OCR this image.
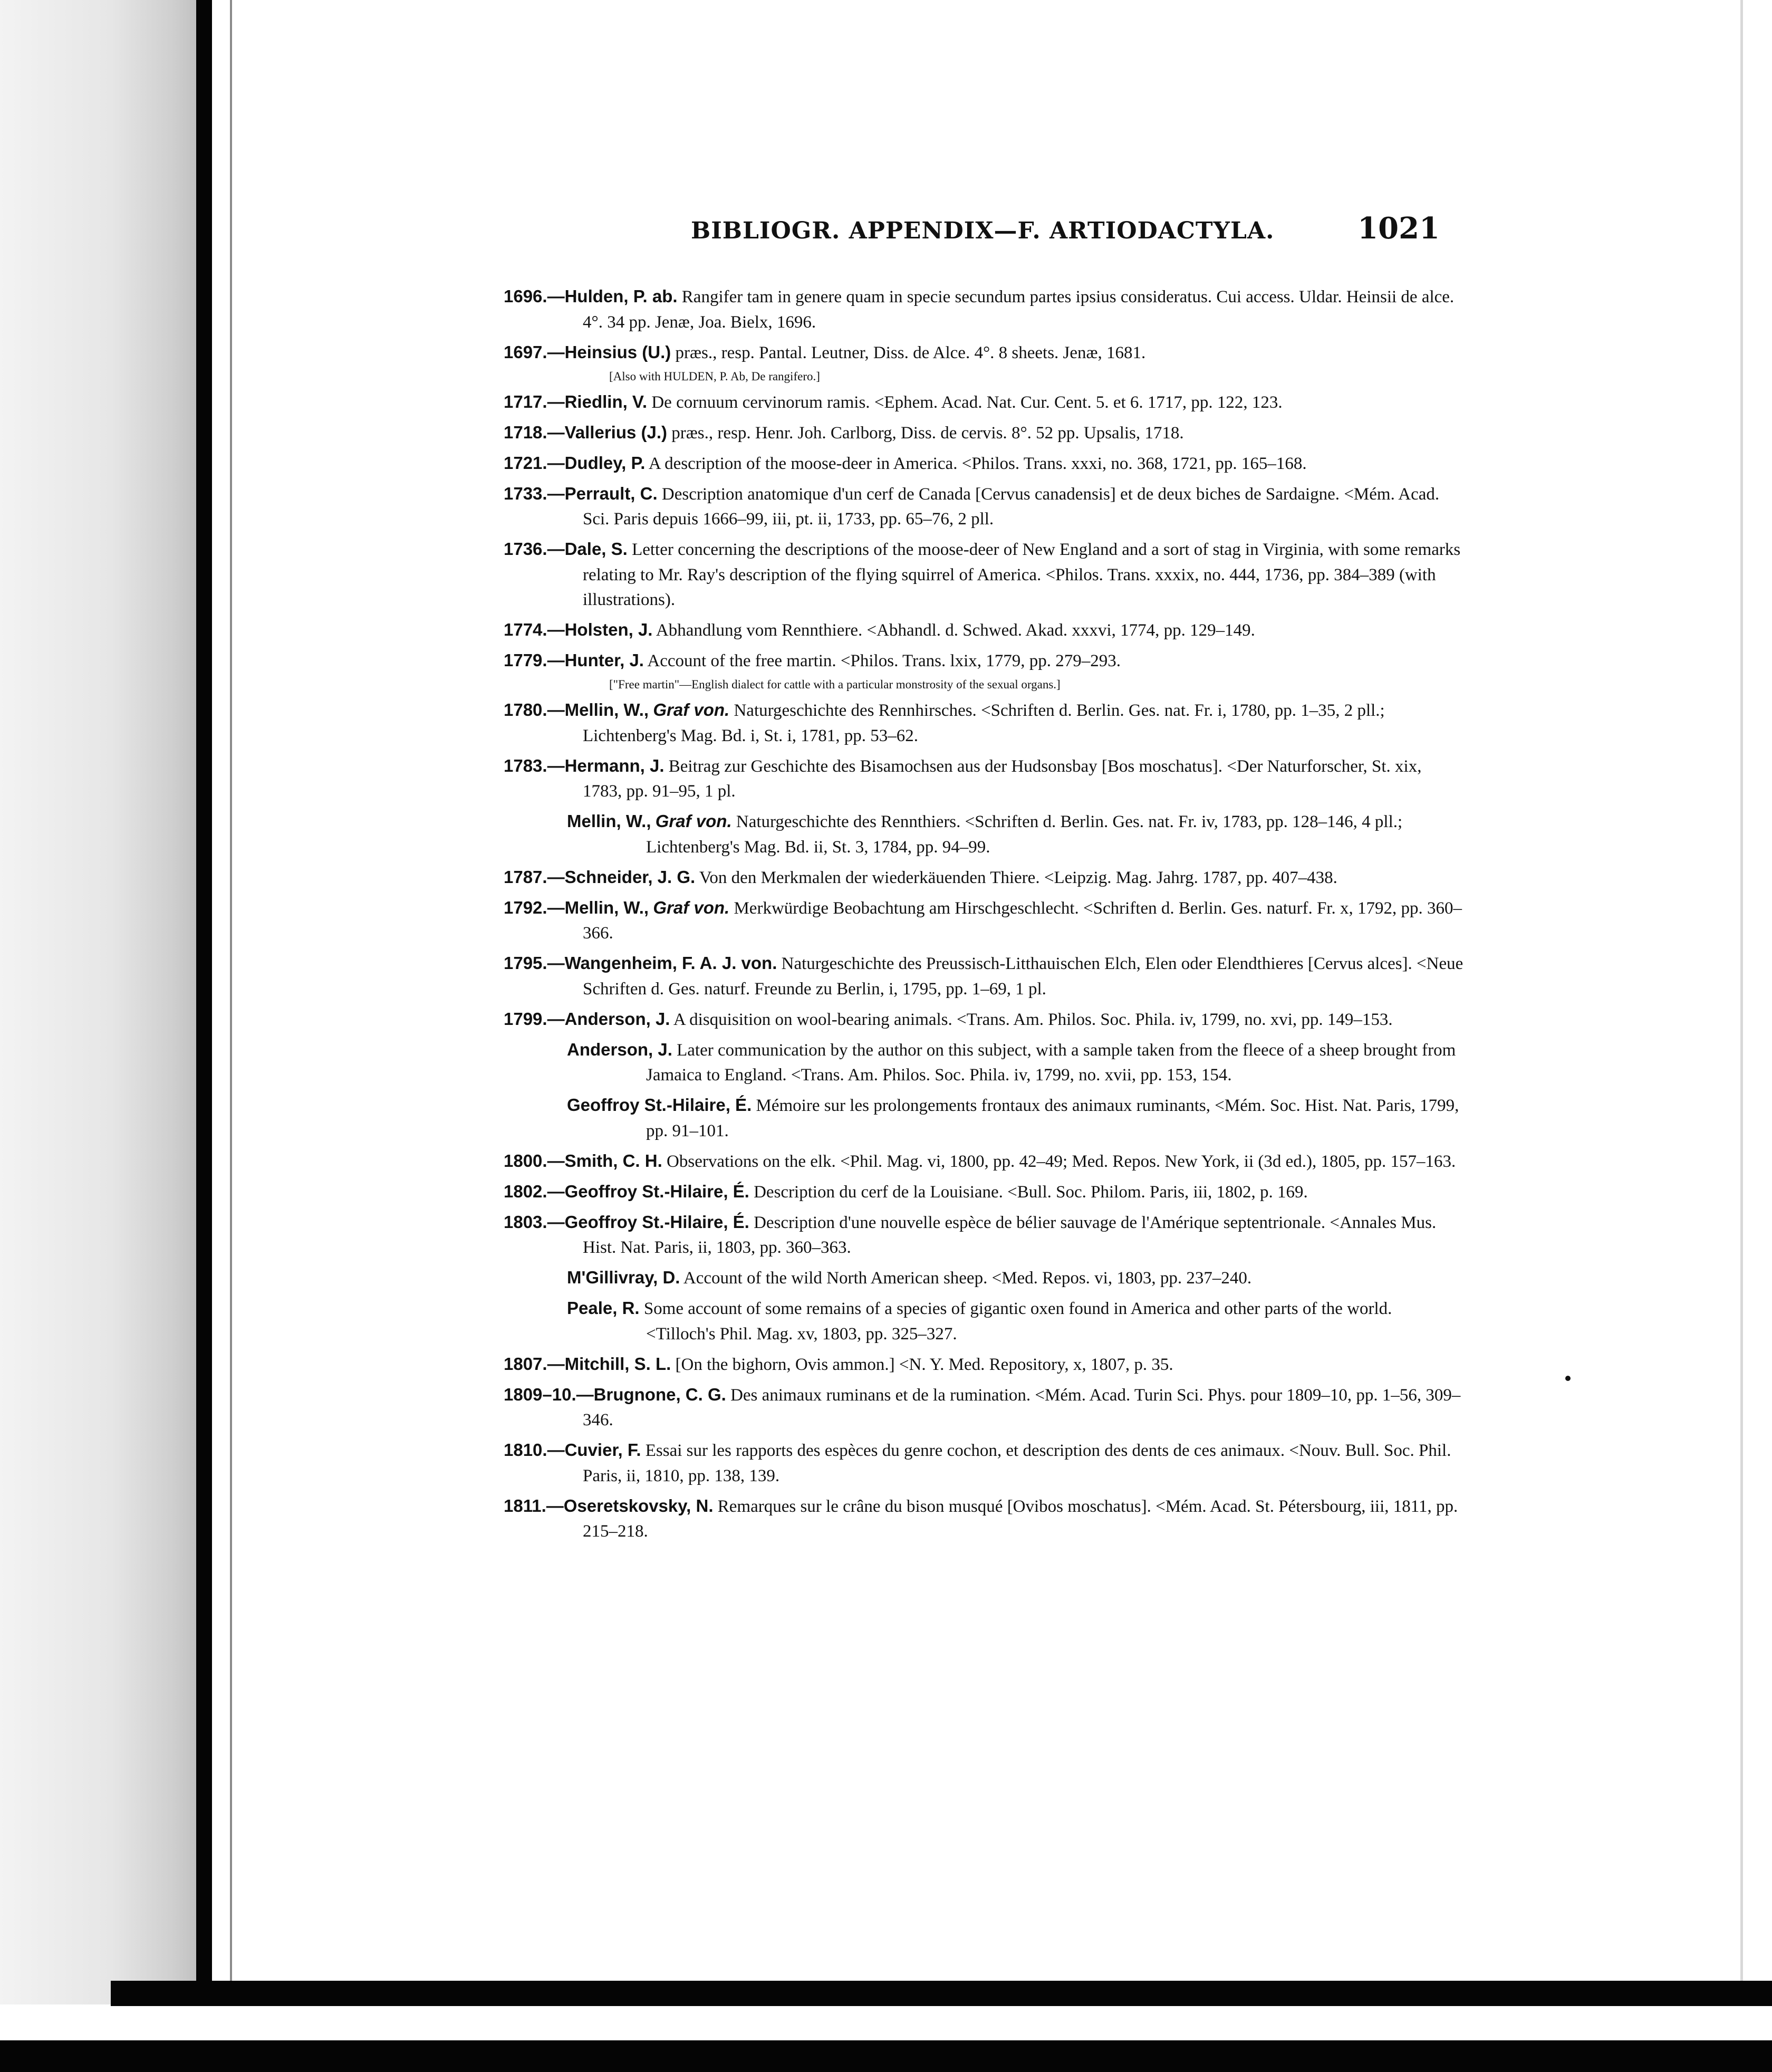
BIBLIOGR. APPENDIX—F. ARTIODACTYLA.	1021
1696.—Hulden, P. ab. Rangifer tam in genere quam in specie secundum partes ipsius consideratus. Cui access. Uldar. Heinsii de alce. 4°. 34 pp. Jenæ, Joa. Bielx, 1696.
1697.—Heinsius (U.) præs., resp. Pantal. Leutner, Diss. de Alce. 4°. 8 sheets. Jenæ, 1681.
[Also with HULDEN, P. Ab, De rangifero.]
1717.—Riedlin, V. De cornuum cervinorum ramis. <Ephem. Acad. Nat. Cur. Cent. 5. et 6. 1717, pp. 122, 123.
1718.—Vallerius (J.) præs., resp. Henr. Joh. Carlborg, Diss. de cervis. 8°. 52 pp. Upsalis, 1718.
1721.—Dudley, P. A description of the moose-deer in America. <Philos. Trans. xxxi, no. 368, 1721, pp. 165–168.
1733.—Perrault, C. Description anatomique d'un cerf de Canada [Cervus canadensis] et de deux biches de Sardaigne. <Mém. Acad. Sci. Paris depuis 1666–99, iii, pt. ii, 1733, pp. 65–76, 2 pll.
1736.—Dale, S. Letter concerning the descriptions of the moose-deer of New England and a sort of stag in Virginia, with some remarks relating to Mr. Ray's description of the flying squirrel of America. <Philos. Trans. xxxix, no. 444, 1736, pp. 384–389 (with illustrations).
1774.—Holsten, J. Abhandlung vom Rennthiere. <Abhandl. d. Schwed. Akad. xxxvi, 1774, pp. 129–149.
1779.—Hunter, J. Account of the free martin. <Philos. Trans. lxix, 1779, pp. 279–293.
["Free martin"—English dialect for cattle with a particular monstrosity of the sexual organs.]
1780.—Mellin, W., Graf von. Naturgeschichte des Rennhirsches. <Schriften d. Berlin. Ges. nat. Fr. i, 1780, pp. 1–35, 2 pll.; Lichtenberg's Mag. Bd. i, St. i, 1781, pp. 53–62.
1783.—Hermann, J. Beitrag zur Geschichte des Bisamochsen aus der Hudsonsbay [Bos moschatus]. <Der Naturforscher, St. xix, 1783, pp. 91–95, 1 pl.
Mellin, W., Graf von. Naturgeschichte des Rennthiers. <Schriften d. Berlin. Ges. nat. Fr. iv, 1783, pp. 128–146, 4 pll.; Lichtenberg's Mag. Bd. ii, St. 3, 1784, pp. 94–99.
1787.—Schneider, J. G. Von den Merkmalen der wiederkäuenden Thiere. <Leipzig. Mag. Jahrg. 1787, pp. 407–438.
1792.—Mellin, W., Graf von. Merkwürdige Beobachtung am Hirschgeschlecht. <Schriften d. Berlin. Ges. naturf. Fr. x, 1792, pp. 360–366.
1795.—Wangenheim, F. A. J. von. Naturgeschichte des Preussisch-Litthauischen Elch, Elen oder Elendthieres [Cervus alces]. <Neue Schriften d. Ges. naturf. Freunde zu Berlin, i, 1795, pp. 1–69, 1 pl.
1799.—Anderson, J. A disquisition on wool-bearing animals. <Trans. Am. Philos. Soc. Phila. iv, 1799, no. xvi, pp. 149–153.
Anderson, J. Later communication by the author on this subject, with a sample taken from the fleece of a sheep brought from Jamaica to England. <Trans. Am. Philos. Soc. Phila. iv, 1799, no. xvii, pp. 153, 154.
Geoffroy St.-Hilaire, É. Mémoire sur les prolongements frontaux des animaux ruminants, <Mém. Soc. Hist. Nat. Paris, 1799, pp. 91–101.
1800.—Smith, C. H. Observations on the elk. <Phil. Mag. vi, 1800, pp. 42–49; Med. Repos. New York, ii (3d ed.), 1805, pp. 157–163.
1802.—Geoffroy St.-Hilaire, É. Description du cerf de la Louisiane. <Bull. Soc. Philom. Paris, iii, 1802, p. 169.
1803.—Geoffroy St.-Hilaire, É. Description d'une nouvelle espèce de bélier sauvage de l'Amérique septentrionale. <Annales Mus. Hist. Nat. Paris, ii, 1803, pp. 360–363.
M'Gillivray, D. Account of the wild North American sheep. <Med. Repos. vi, 1803, pp. 237–240.
Peale, R. Some account of some remains of a species of gigantic oxen found in America and other parts of the world. <Tilloch's Phil. Mag. xv, 1803, pp. 325–327.
1807.—Mitchill, S. L. [On the bighorn, Ovis ammon.] <N. Y. Med. Repository, x, 1807, p. 35.
1809–10.—Brugnone, C. G. Des animaux ruminans et de la rumination. <Mém. Acad. Turin Sci. Phys. pour 1809–10, pp. 1–56, 309–346.
1810.—Cuvier, F. Essai sur les rapports des espèces du genre cochon, et description des dents de ces animaux. <Nouv. Bull. Soc. Phil. Paris, ii, 1810, pp. 138, 139.
1811.—Oseretskovsky, N. Remarques sur le crâne du bison musqué [Ovibos moschatus]. <Mém. Acad. St. Pétersbourg, iii, 1811, pp. 215–218.
